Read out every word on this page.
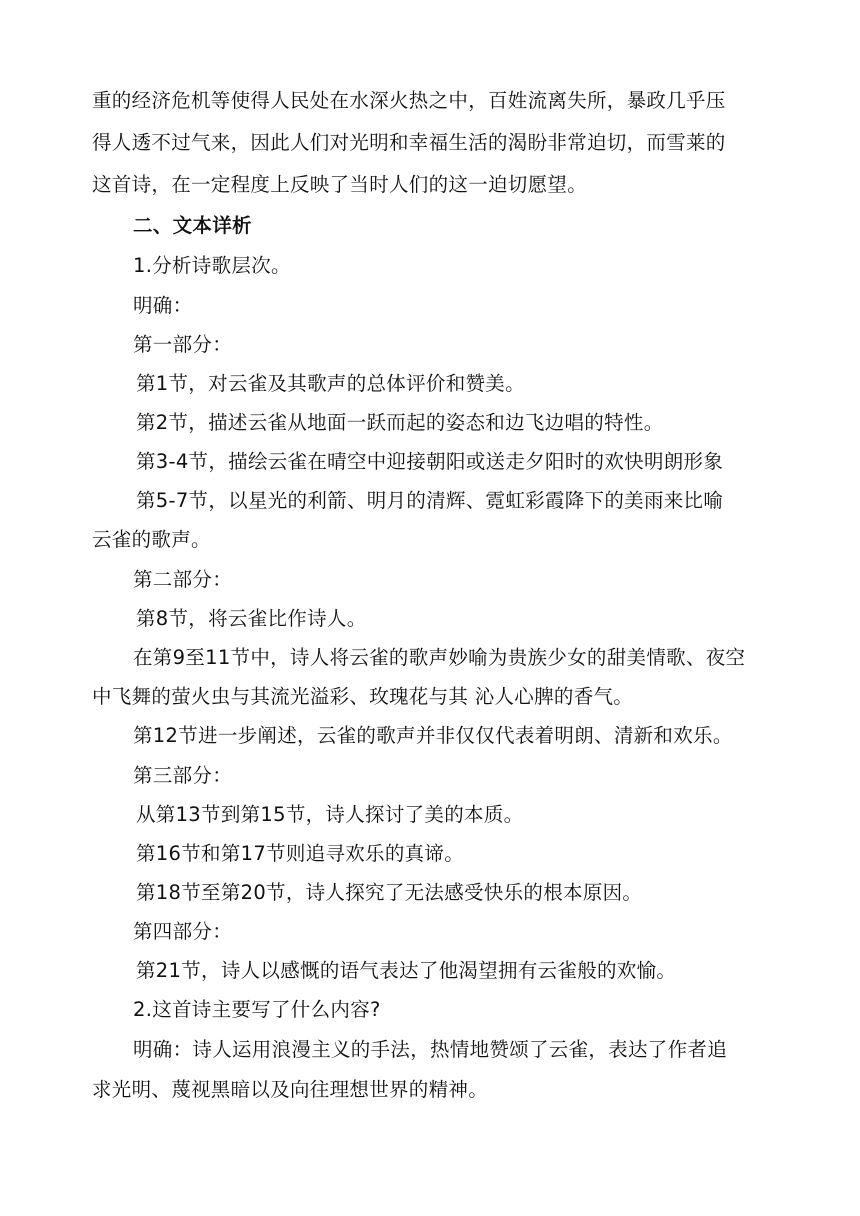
重的经济危机等使得人民处在水深火热之中，百姓流离失所，暴政几乎压
得人透不过气来，因此人们对光明和幸福生活的渴盼非常迫切，而雪莱的
这首诗，在一定程度上反映了当时人们的这一迫切愿望。
二、文本详析
1.分析诗歌层次。
明确：
第一部分：
第1节，对云雀及其歌声的总体评价和赞美。
第2节，描述云雀从地面一跃而起的姿态和边飞边唱的特性。
第3-4节，描绘云雀在晴空中迎接朝阳或送走夕阳时的欢快明朗形象
第5-7节，以星光的利箭、明月的清辉、霓虹彩霞降下的美雨来比喻
云雀的歌声。
第二部分：
第8节，将云雀比作诗人。
在第9至11节中，诗人将云雀的歌声妙喻为贵族少女的甜美情歌、夜空
中飞舞的萤火虫与其流光溢彩、玫瑰花与其 沁人心脾的香气。
第12节进一步阐述，云雀的歌声并非仅仅代表着明朗、清新和欢乐。
第三部分：
从第13节到第15节，诗人探讨了美的本质。
第16节和第17节则追寻欢乐的真谛。
第18节至第20节，诗人探究了无法感受快乐的根本原因。
第四部分：
第21节，诗人以感慨的语气表达了他渴望拥有云雀般的欢愉。
2.这首诗主要写了什么内容?
明确：诗人运用浪漫主义的手法，热情地赞颂了云雀，表达了作者追
求光明、蔑视黑暗以及向往理想世界的精神。
